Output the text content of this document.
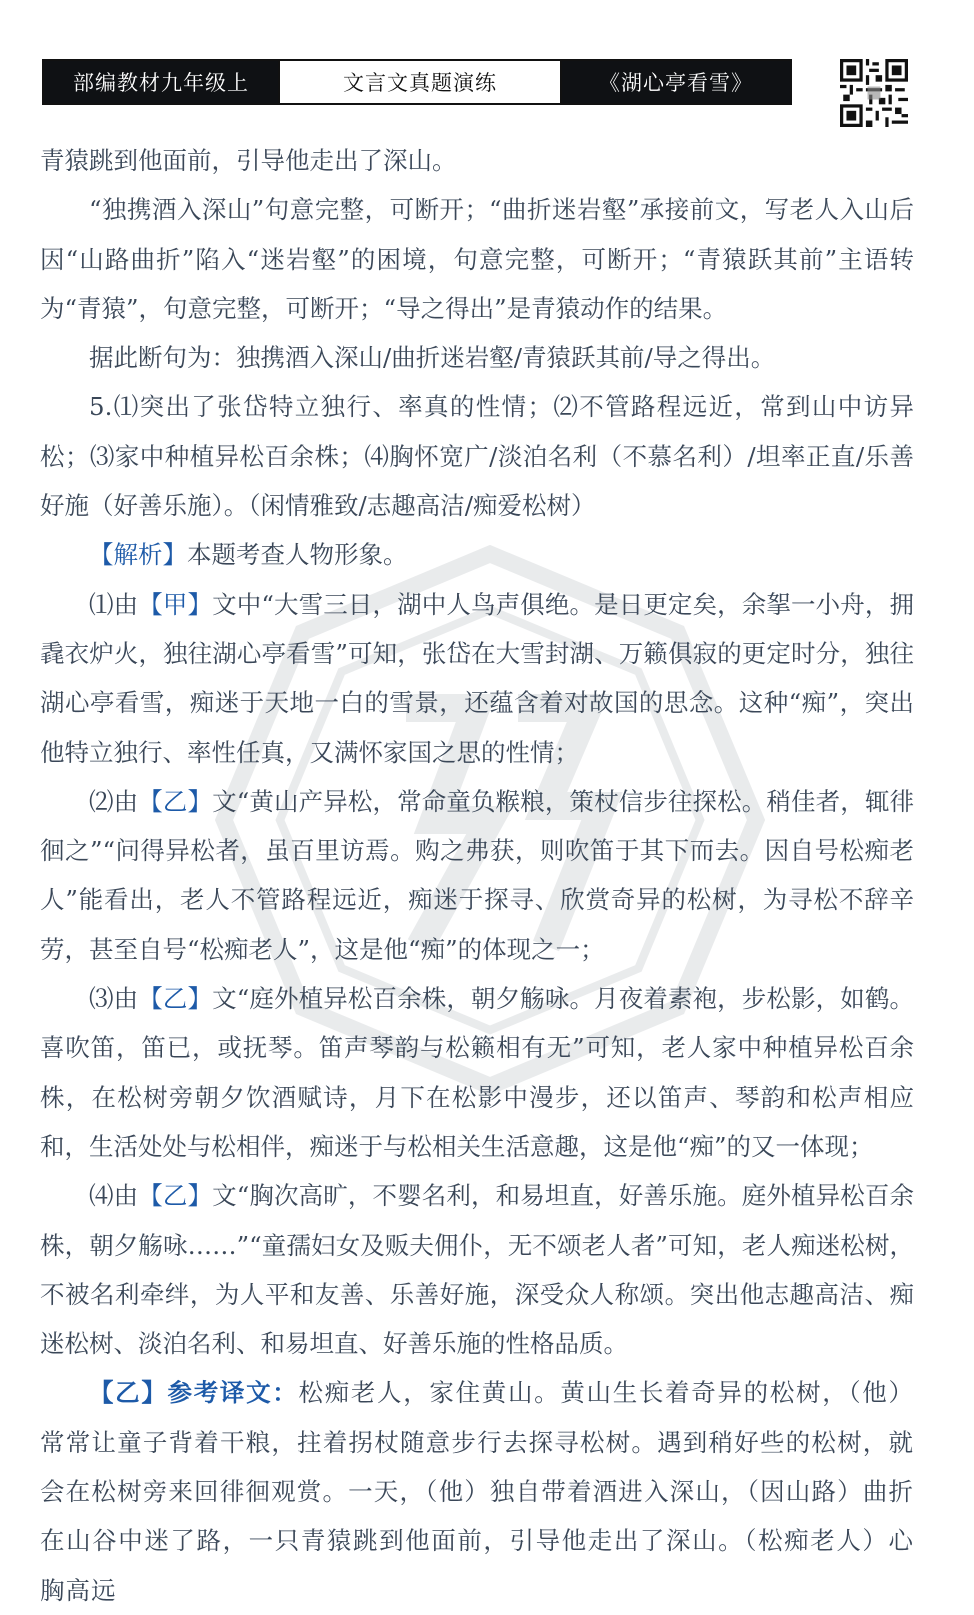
部编教材九年级上	文言文真题演练	《湖心亭看雪》

青猿跳到他面前，引导他走出了深山。

“独携酒入深山”句意完整，可断开；“曲折迷岩壑”承接前文，写老人入山后因“山路曲折”陷入“迷岩壑”的困境，句意完整，可断开；“青猿跃其前”主语转为“青猿”，句意完整，可断开；“导之得出”是青猿动作的结果。

据此断句为：独携酒入深山/曲折迷岩壑/青猿跃其前/导之得出。

5.⑴突出了张岱特立独行、率真的性情；⑵不管路程远近，常到山中访异松；⑶家中种植异松百余株；⑷胸怀宽广/淡泊名利（不慕名利）/坦率正直/乐善好施（好善乐施）。（闲情雅致/志趣高洁/痴爱松树）

【解析】本题考查人物形象。

⑴由【甲】文中“大雪三日，湖中人鸟声俱绝。是日更定矣，余挐一小舟，拥毳衣炉火，独往湖心亭看雪”可知，张岱在大雪封湖、万籁俱寂的更定时分，独往湖心亭看雪，痴迷于天地一白的雪景，还蕴含着对故国的思念。这种“痴”，突出他特立独行、率性任真，又满怀家国之思的性情；

⑵由【乙】文“黄山产异松，常命童负糇粮，策杖信步往探松。稍佳者，辄徘徊之”“问得异松者，虽百里访焉。购之弗获，则吹笛于其下而去。因自号松痴老人”能看出，老人不管路程远近，痴迷于探寻、欣赏奇异的松树，为寻松不辞辛劳，甚至自号“松痴老人”，这是他“痴”的体现之一；

⑶由【乙】文“庭外植异松百余株，朝夕觞咏。月夜着素袍，步松影，如鹤。喜吹笛，笛已，或抚琴。笛声琴韵与松籁相有无”可知，老人家中种植异松百余株，在松树旁朝夕饮酒赋诗，月下在松影中漫步，还以笛声、琴韵和松声相应和，生活处处与松相伴，痴迷于与松相关生活意趣，这是他“痴”的又一体现；

⑷由【乙】文“胸次高旷，不婴名利，和易坦直，好善乐施。庭外植异松百余株，朝夕觞咏……”“童孺妇女及贩夫佣仆，无不颂老人者”可知，老人痴迷松树，不被名利牵绊，为人平和友善、乐善好施，深受众人称颂。突出他志趣高洁、痴迷松树、淡泊名利、和易坦直、好善乐施的性格品质。

【乙】参考译文：松痴老人，家住黄山。黄山生长着奇异的松树，（他）常常让童子背着干粮，拄着拐杖随意步行去探寻松树。遇到稍好些的松树，就会在松树旁来回徘徊观赏。一天，（他）独自带着酒进入深山，（因山路）曲折在山谷中迷了路，一只青猿跳到他面前，引导他走出了深山。（松痴老人）心胸高远
